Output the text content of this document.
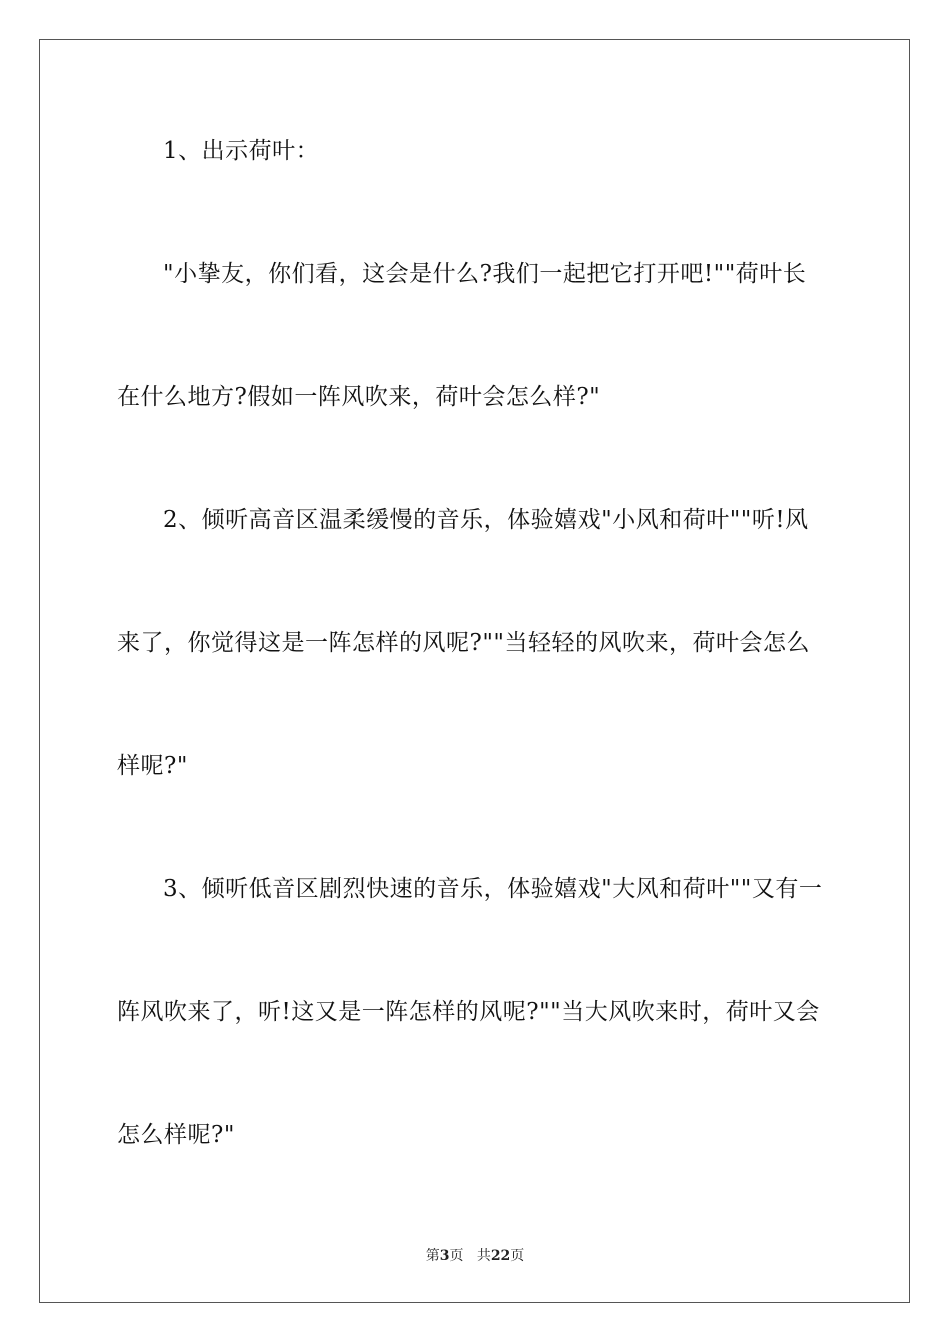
1、出示荷叶：
"小挚友，你们看，这会是什么?我们一起把它打开吧!""荷叶长
在什么地方?假如一阵风吹来，荷叶会怎么样?"
2、倾听高音区温柔缓慢的音乐，体验嬉戏"小风和荷叶""听!风
来了，你觉得这是一阵怎样的风呢?""当轻轻的风吹来，荷叶会怎么
样呢?"
3、倾听低音区剧烈快速的音乐，体验嬉戏"大风和荷叶""又有一
阵风吹来了，听!这又是一阵怎样的风呢?""当大风吹来时，荷叶又会
怎么样呢?"
第3页 共22页
